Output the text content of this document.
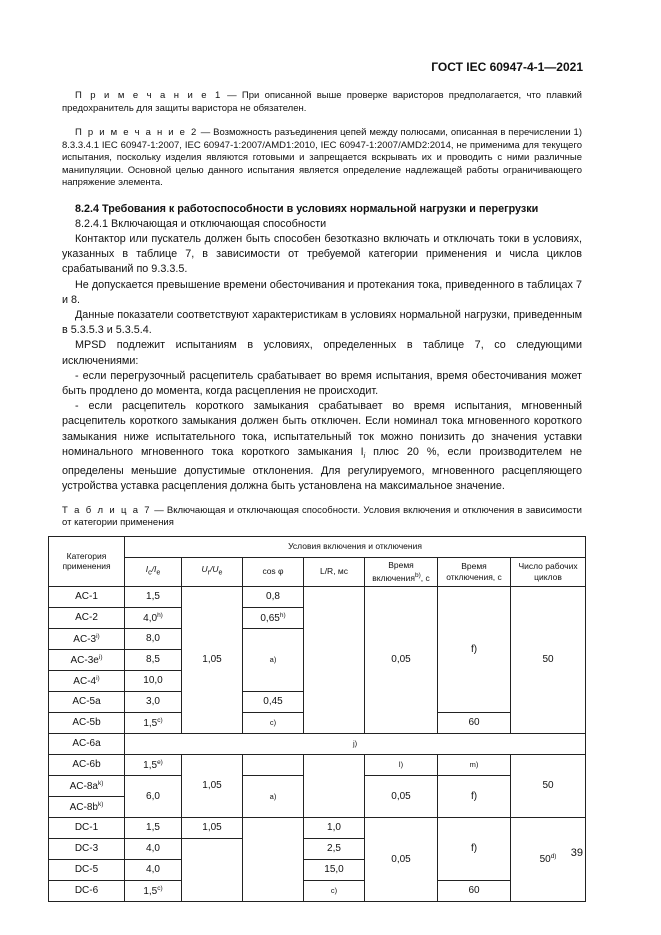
ГОСТ IEC 60947-4-1—2021

П р и м е ч а н и е 1 — При описанной выше проверке варисторов предполагается, что плавкий предохранитель для защиты варистора не обязателен.

П р и м е ч а н и е 2 — Возможность разъединения цепей между полюсами, описанная в перечислении 1) 8.3.3.4.1 IEC 60947-1:2007, IEC 60947-1:2007/AMD1:2010, IEC 60947-1:2007/AMD2:2014, не применима для текущего испытания, поскольку изделия являются готовыми и запрещается вскрывать их и проводить с ними различные манипуляции. Основной целью данного испытания является определение надлежащей работы ограничивающего напряжение элемента.

8.2.4 Требования к работоспособности в условиях нормальной нагрузки и перегрузки

8.2.4.1 Включающая и отключающая способности

Контактор или пускатель должен быть способен безотказно включать и отключать токи в условиях, указанных в таблице 7, в зависимости от требуемой категории применения и числа циклов срабатываний по 9.3.3.5.

Не допускается превышение времени обесточивания и протекания тока, приведенного в таблицах 7 и 8.

Данные показатели соответствуют характеристикам в условиях нормальной нагрузки, приведенным в 5.3.5.3 и 5.3.5.4.

MPSD подлежит испытаниям в условиях, определенных в таблице 7, со следующими исключениями:

- если перегрузочный расцепитель срабатывает во время испытания, время обесточивания может быть продлено до момента, когда расцепления не происходит.

- если расцепитель короткого замыкания срабатывает во время испытания, мгновенный расцепитель короткого замыкания должен быть отключен. Если номинал тока мгновенного короткого замыкания ниже испытательного тока, испытательный ток можно понизить до значения уставки номинального мгновенного тока короткого замыкания $I_i$ плюс 20 %, если производителем не определены меньшие допустимые отклонения. Для регулируемого, мгновенного расцепляющего устройства уставка расцепления должна быть установлена на максимальное значение.

Т а б л и ц а 7 — Включающая и отключающая способности. Условия включения и отключения в зависимости от категории применения

Категория применения	Условия включения и отключения						
	$I_c/I_e$	$U_r/U_e$	cos φ	L/R, мс	Время включения$^{b)}$, с	Время отключения, с	Число рабочих циклов
AC-1	1,5	1,05	0,8		0,05	f)	50
AC-2	4,0$^{h)}$		0,65$^{h)}$
AC-3$^{i)}$	8,0		a)				
$AC-3e^{i)}$	8,5						
AC-4$^{i)}$	10,0						
AC-5a	3,0		0,45				
AC-5b	1,5$^{c)}$		c)			60	
AC-6a	j)						
AC-6b	1,5$^{e)}$	1,05			l)	m)	50
$AC-8a^{k)}$	6,0		a)		0,05	f)	
$AC-8b^{k)}$
DC-1	1,5	1,05		1,0	0,05	f)	50$^{d)}$
DC-3	4,0			2,5			
DC-5	4,0			15,0			
DC-6	1,5$^{c)}$			c)		60	
39
